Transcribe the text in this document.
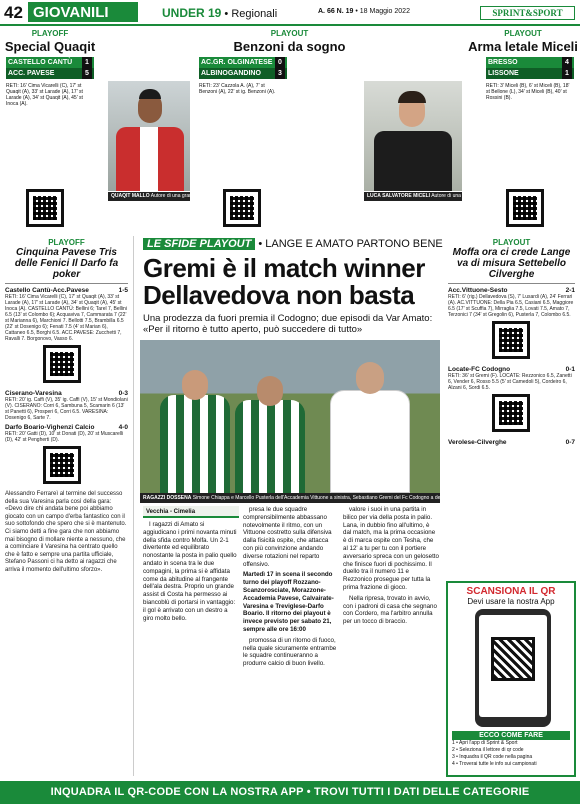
42 GIOVANILI	UNDER 19 • Regionali	A. 66 N. 19 • 18 Maggio 2022	SPRINT&SPORT
PLAYOFF
Special Quaqit
CASTELLO CANTÙ	1
ACC. PAVESE	5
RETI: 16' Cima Vicarelli (C), 17' st Quaqit (A), 33' st Larade (A), 17' st Larade (A), 34' st Quaqit (A), 45' st Inoca (A).
QUAQIT MALLO Autore di una grande doppietta
PLAYOUT
Benzoni da sogno
AC.GR. OLGINATESE 0
ALBINOGANDINO	3
RETI: 23' Cazzola A. (A), 7' st Benzoni (A), 22' st ig. Benzoni (A).
PLAYOUT
Arma letale Miceli
BRESSO	4
LISSONE	1
RETI: 3' Miceli (B), 6' st Miceli (B), 18' st Bellone (L), 34' st Miceli (B), 40' st Rossini (B).
LUCA SALVATORE MICELI Autore di una tripletta
PLAYOFF
Cinquina Pavese Tris delle Fenici Il Darfo fa poker
Castello Cantù-Acc.Pavese	1-5
RETI: 16' Cima Vicarelli (C), 17' st Quaqit (A), 33' st Larade (A), 17' st Larade (A), 34' st Quaqit (A), 45' st Inoca (A). CASTELLO CANTÙ: Bellini 6; Tarel 7, Bellini 6.5 (13' st Colombo 6); Acquaviva 7, Cammarata 7 (22' st Marianna 6), Marchioni 7. Bellotti 7.5, Brambilla 6.5 (22' st Dosenigo 6); Fenati 7.5 (4' st Marian 6), Cattaneo 6.5, Borghi 6.5. ACC.PAVESE: Zucchetti 7, Ravalli 7. Borgonovo, Vasso 6.
Ciserano-Varesina	0-3
RETI: 20' ig. Caffi (V), 35' ig. Caffi (V), 15' st Mondiolani (V). CISERANO: Corri 6, Sambuna 5, Scamarin 6 (13' st Panetti 6), Prosperi 6, Corri 6.5. VARESINA: Dosenigo 6, Sarte 7.
Darfo Boario-Vighenzi Calcio	4-0
RETI: 20' Gatti (D), 10' st Donati (D), 20' st Muscarelli (D), 42' st Pengherti (D).
Alessandro Ferrareì al termine del successo della sua Varesina parla così della gara: «Devo dire chi andata bene poi abbiamo giocato con un campo d'erba fantastico con il suo sottofondo che spero che si è mantenuto. Ci siamo detti a fine gara che non abbiamo mai bisogno di mollare niente a nessuno, che a cominciare il Varesina ha centrato quello che è fatto e sempre una partita ufficiale, Stefano Passoni ci ha detto ai ragazzi che arriva il momento dell'ultimo sforzo».
LE SFIDE PLAYOUT • LANGE E AMATO PARTONO BENE
Gremi è il match winner Dellavedova non basta
Una prodezza da fuori premia il Codogno; due episodi da Var Amato: «Per il ritorno è tutto aperto, può succedere di tutto»
RAGAZZI DOSSENA Simone Chiappa e Marcello Pusterla dell'Accademia Vittuone a sinistra, Sebastiano Gremi del Fc Codogno a destra
Vecchia - Cimelia

I ragazzi di Amato si aggiudicano i primi novanta minuti della sfida contro Molfa. Un 2-1 divertente ed equilibrato nonostante la posta in palio quello andato in scena tra le due compagini, la prima si è affidata come da abitudine al frangente dell'ala destra. Proprio un grande assist di Costa ha permesso ai biancoblù di portarsi in vantaggio: il gol è arrivato con un destro a giro molto bello.

presa le due squadre comprensibilmente abbassano notevolmente il ritmo, con un Vittuone costretto sulla difensiva dalla fisicità ospite, che attacca con più convinzione andando diverse rotazioni nel reparto offensivo.

Martedì 17 in scena il secondo turno dei playoff Rozzano-Scanzorosciate, Morazzone-Accademia Pavese, Calvairate-Varesina e Treviglese-Darfo Boario. Il ritorno dei playout è invece previsto per sabato 21, sempre alle ore 16:00

promossa di un ritorno di fuoco, nella quale sicuramente entrambe le squadre continueranno a produrre calcio di buon livello.

valore i suoi in una partita in bilico per via della posta in palio. Lana, in dubbio fino all'ultimo, è dal match, ma la prima occasione è di marca ospite con Tesha, che al 12' a tu per tu con il portiere avversario spreca con un gelosetto che finisce fuori di pochissimo. Il duello tra il numero 11 e Rezzonico prosegue per tutta la prima frazione di gioco.

Nella ripresa, trovato in avvio, con i padroni di casa che segnano con Cordero, ma l'arbitro annulla per un tocco di braccio.

PLAYOUT
Moffa ora ci crede Lange va di misura Settebello Cilverghe
Acc.Vittuone-Sesto	2-1
RETI: 6' (rig.) Dellavedova (S), 7' Lusardi (A), 24' Ferrari (A). AC.VITTUONE: Della Pia 6.5, Casiani 6.5, Maggiore 6.5 (17' st Scuffia 7), Mirraglia 7.5, Lovati 7.5, Amato 7, Terzonici 7 (34' st Gregolin 6), Pusterla 7, Colombo 6.5.
Locate-FC Codogno	0-1
RETI: 36' st Gremi (F). LOCATE: Rezzonico 6.5, Zanetti 6, Vender 6, Rosso 5.5 (5' st Camedoli 5), Cordeiro 6, Alzani 6, Sordi 6.5.
Verolese-Cilverghe	0-7
SCANSIONA IL QR
Devi usare la nostra App
ECCO COME FARE
1 • Apri l'app di Sprint & Sport
2 • Seleziona il lettore di qr code
3 • Inquadra il QR code nella pagina
4 • Troverai tutte le info sui campionati
INQUADRA IL QR-CODE CON LA NOSTRA APP • TROVI TUTTI I DATI DELLE CATEGORIE
